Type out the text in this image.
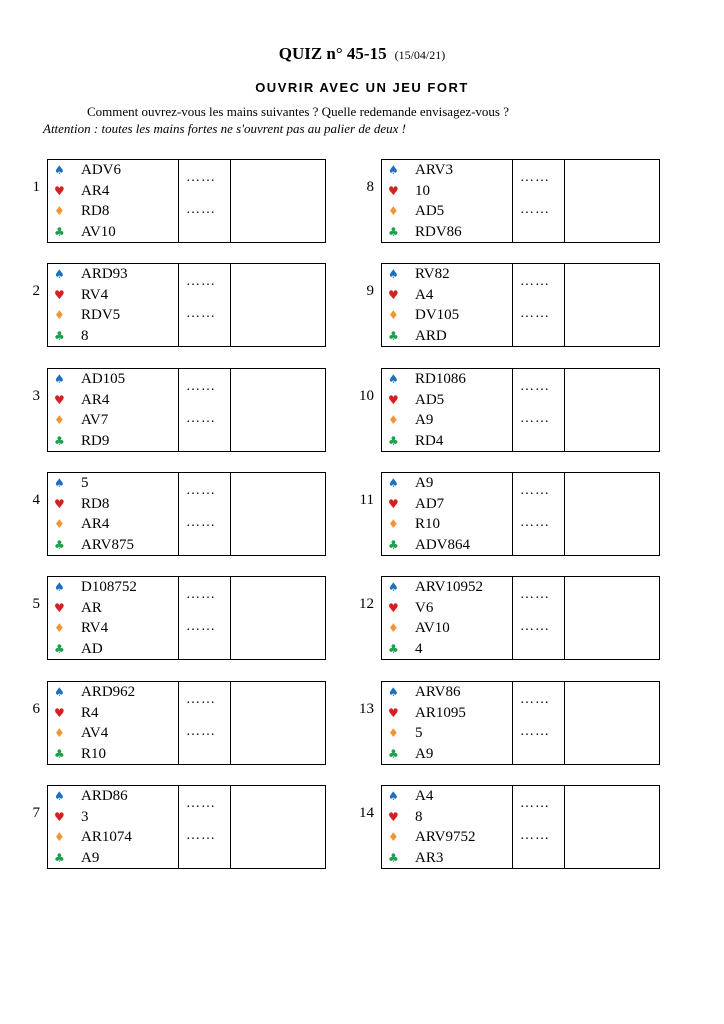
QUIZ n° 45-15 (15/04/21)
OUVRIR AVEC UN JEU FORT
Comment ouvrez-vous les mains suivantes ? Quelle redemande envisagez-vous ?
Attention : toutes les mains fortes ne s'ouvrent pas au palier de deux !
1
♠ ADV6
♥ AR4
♦ RD8
♣ AV10
……
……
2
♠ ARD93
♥ RV4
♦ RDV5
♣ 8
……
……
3
♠ AD105
♥ AR4
♦ AV7
♣ RD9
……
……
4
♠ 5
♥ RD8
♦ AR4
♣ ARV875
……
……
5
♠ D108752
♥ AR
♦ RV4
♣ AD
……
……
6
♠ ARD962
♥ R4
♦ AV4
♣ R10
……
……
7
♠ ARD86
♥ 3
♦ AR1074
♣ A9
……
……
8
♠ ARV3
♥ 10
♦ AD5
♣ RDV86
……
……
9
♠ RV82
♥ A4
♦ DV105
♣ ARD
……
……
10
♠ RD1086
♥ AD5
♦ A9
♣ RD4
……
……
11
♠ A9
♥ AD7
♦ R10
♣ ADV864
……
……
12
♠ ARV10952
♥ V6
♦ AV10
♣ 4
……
……
13
♠ ARV86
♥ AR1095
♦ 5
♣ A9
……
……
14
♠ A4
♥ 8
♦ ARV9752
♣ AR3
……
……
